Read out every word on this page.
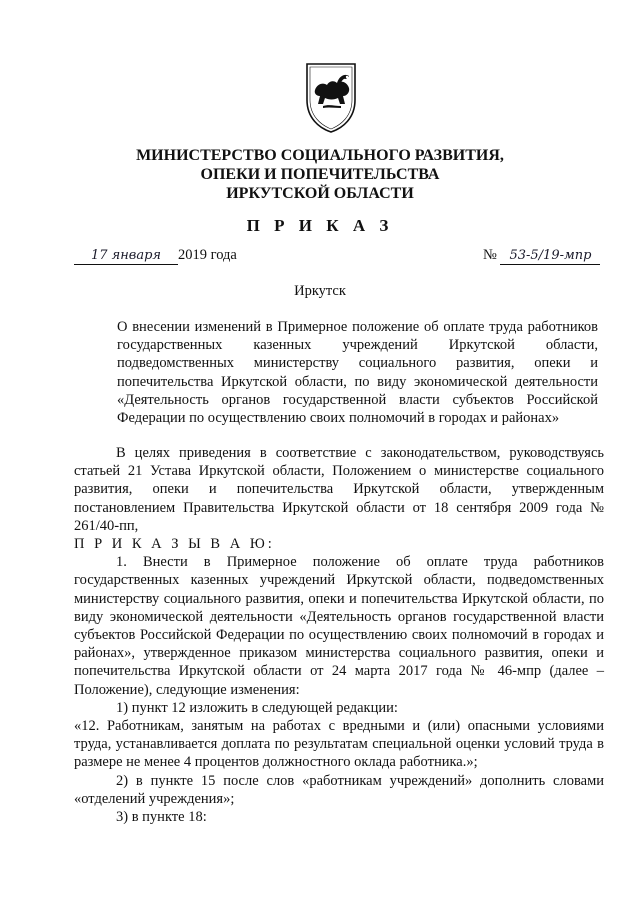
МИНИСТЕРСТВО СОЦИАЛЬНОГО РАЗВИТИЯ,
ОПЕКИ И ПОПЕЧИТЕЛЬСТВА
ИРКУТСКОЙ ОБЛАСТИ
П Р И К А З
17 января 2019 года	№ 53-5/19-мпр
Иркутск
О внесении изменений в Примерное положение об оплате труда работников государственных казенных учреждений Иркутской области, подведомственных министерству социального развития, опеки и попечительства Иркутской области, по виду экономической деятельности «Деятельность органов государственной власти субъектов Российской Федерации по осуществлению своих полномочий в городах и районах»

В целях приведения в соответствие с законодательством, руководствуясь статьей 21 Устава Иркутской области, Положением о министерстве социального развития, опеки и попечительства Иркутской области, утвержденным постановлением Правительства Иркутской области от 18 сентября 2009 года № 261/40-пп,

П Р И К А З Ы В А Ю:

1. Внести в Примерное положение об оплате труда работников государственных казенных учреждений Иркутской области, подведомственных министерству социального развития, опеки и попечительства Иркутской области, по виду экономической деятельности «Деятельность органов государственной власти субъектов Российской Федерации по осуществлению своих полномочий в городах и районах», утвержденное приказом министерства социального развития, опеки и попечительства Иркутской области от 24 марта 2017 года № 46-мпр (далее – Положение), следующие изменения:

1) пункт 12 изложить в следующей редакции:

«12. Работникам, занятым на работах с вредными и (или) опасными условиями труда, устанавливается доплата по результатам специальной оценки условий труда в размере не менее 4 процентов должностного оклада работника.»;

2) в пункте 15 после слов «работникам учреждений» дополнить словами «отделений учреждения»;

3) в пункте 18:
